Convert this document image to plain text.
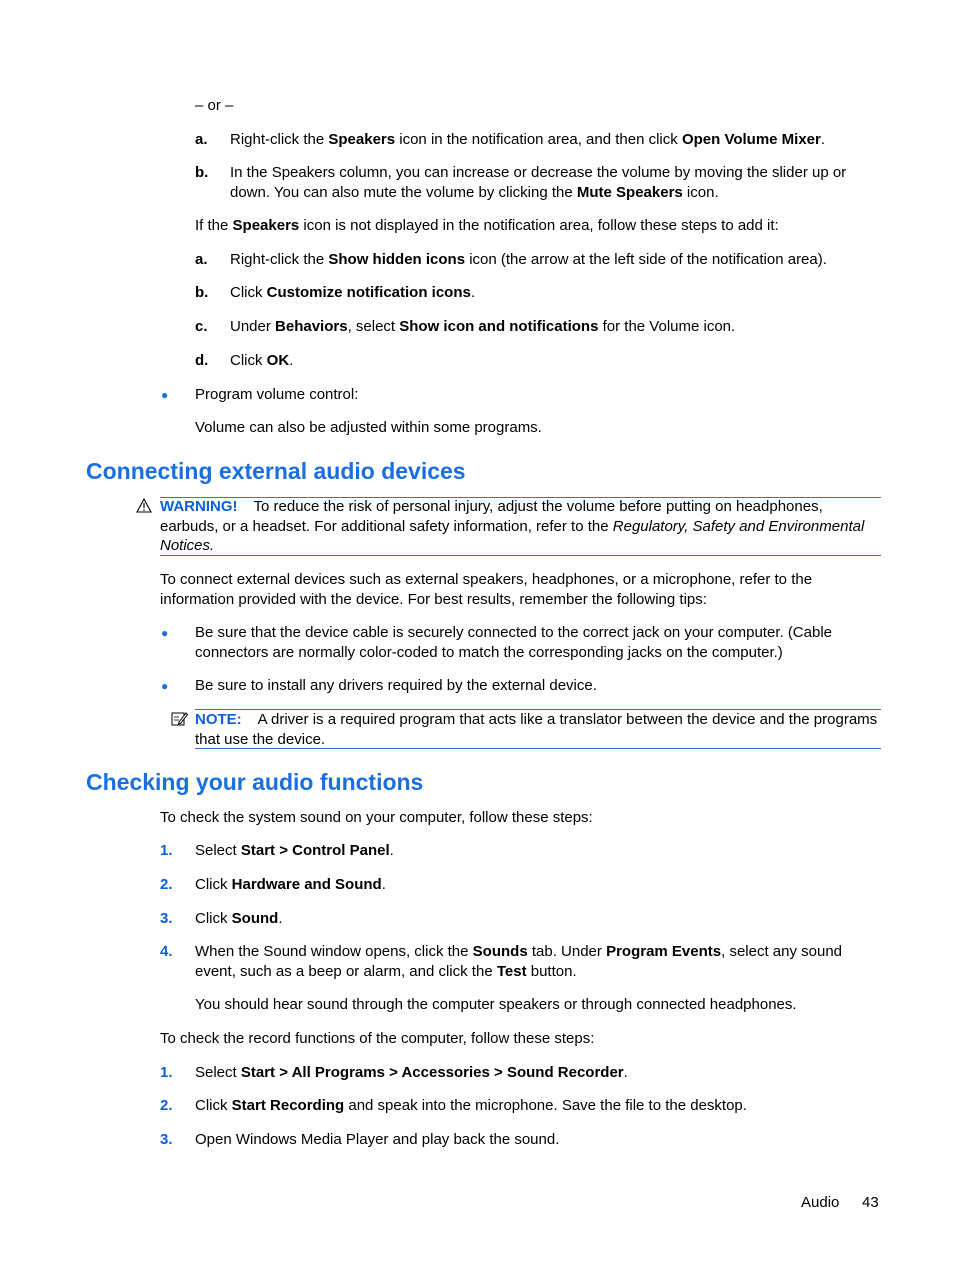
– or –
a. Right-click the Speakers icon in the notification area, and then click Open Volume Mixer.
b. In the Speakers column, you can increase or decrease the volume by moving the slider up or down. You can also mute the volume by clicking the Mute Speakers icon.
If the Speakers icon is not displayed in the notification area, follow these steps to add it:
a. Right-click the Show hidden icons icon (the arrow at the left side of the notification area).
b. Click Customize notification icons.
c. Under Behaviors, select Show icon and notifications for the Volume icon.
d. Click OK.
● Program volume control:
Volume can also be adjusted within some programs.
Connecting external audio devices
WARNING! To reduce the risk of personal injury, adjust the volume before putting on headphones, earbuds, or a headset. For additional safety information, refer to the Regulatory, Safety and Environmental Notices.
To connect external devices such as external speakers, headphones, or a microphone, refer to the information provided with the device. For best results, remember the following tips:
● Be sure that the device cable is securely connected to the correct jack on your computer. (Cable connectors are normally color-coded to match the corresponding jacks on the computer.)
● Be sure to install any drivers required by the external device.
NOTE: A driver is a required program that acts like a translator between the device and the programs that use the device.
Checking your audio functions
To check the system sound on your computer, follow these steps:
1. Select Start > Control Panel.
2. Click Hardware and Sound.
3. Click Sound.
4. When the Sound window opens, click the Sounds tab. Under Program Events, select any sound event, such as a beep or alarm, and click the Test button.
You should hear sound through the computer speakers or through connected headphones.
To check the record functions of the computer, follow these steps:
1. Select Start > All Programs > Accessories > Sound Recorder.
2. Click Start Recording and speak into the microphone. Save the file to the desktop.
3. Open Windows Media Player and play back the sound.
Audio 43
